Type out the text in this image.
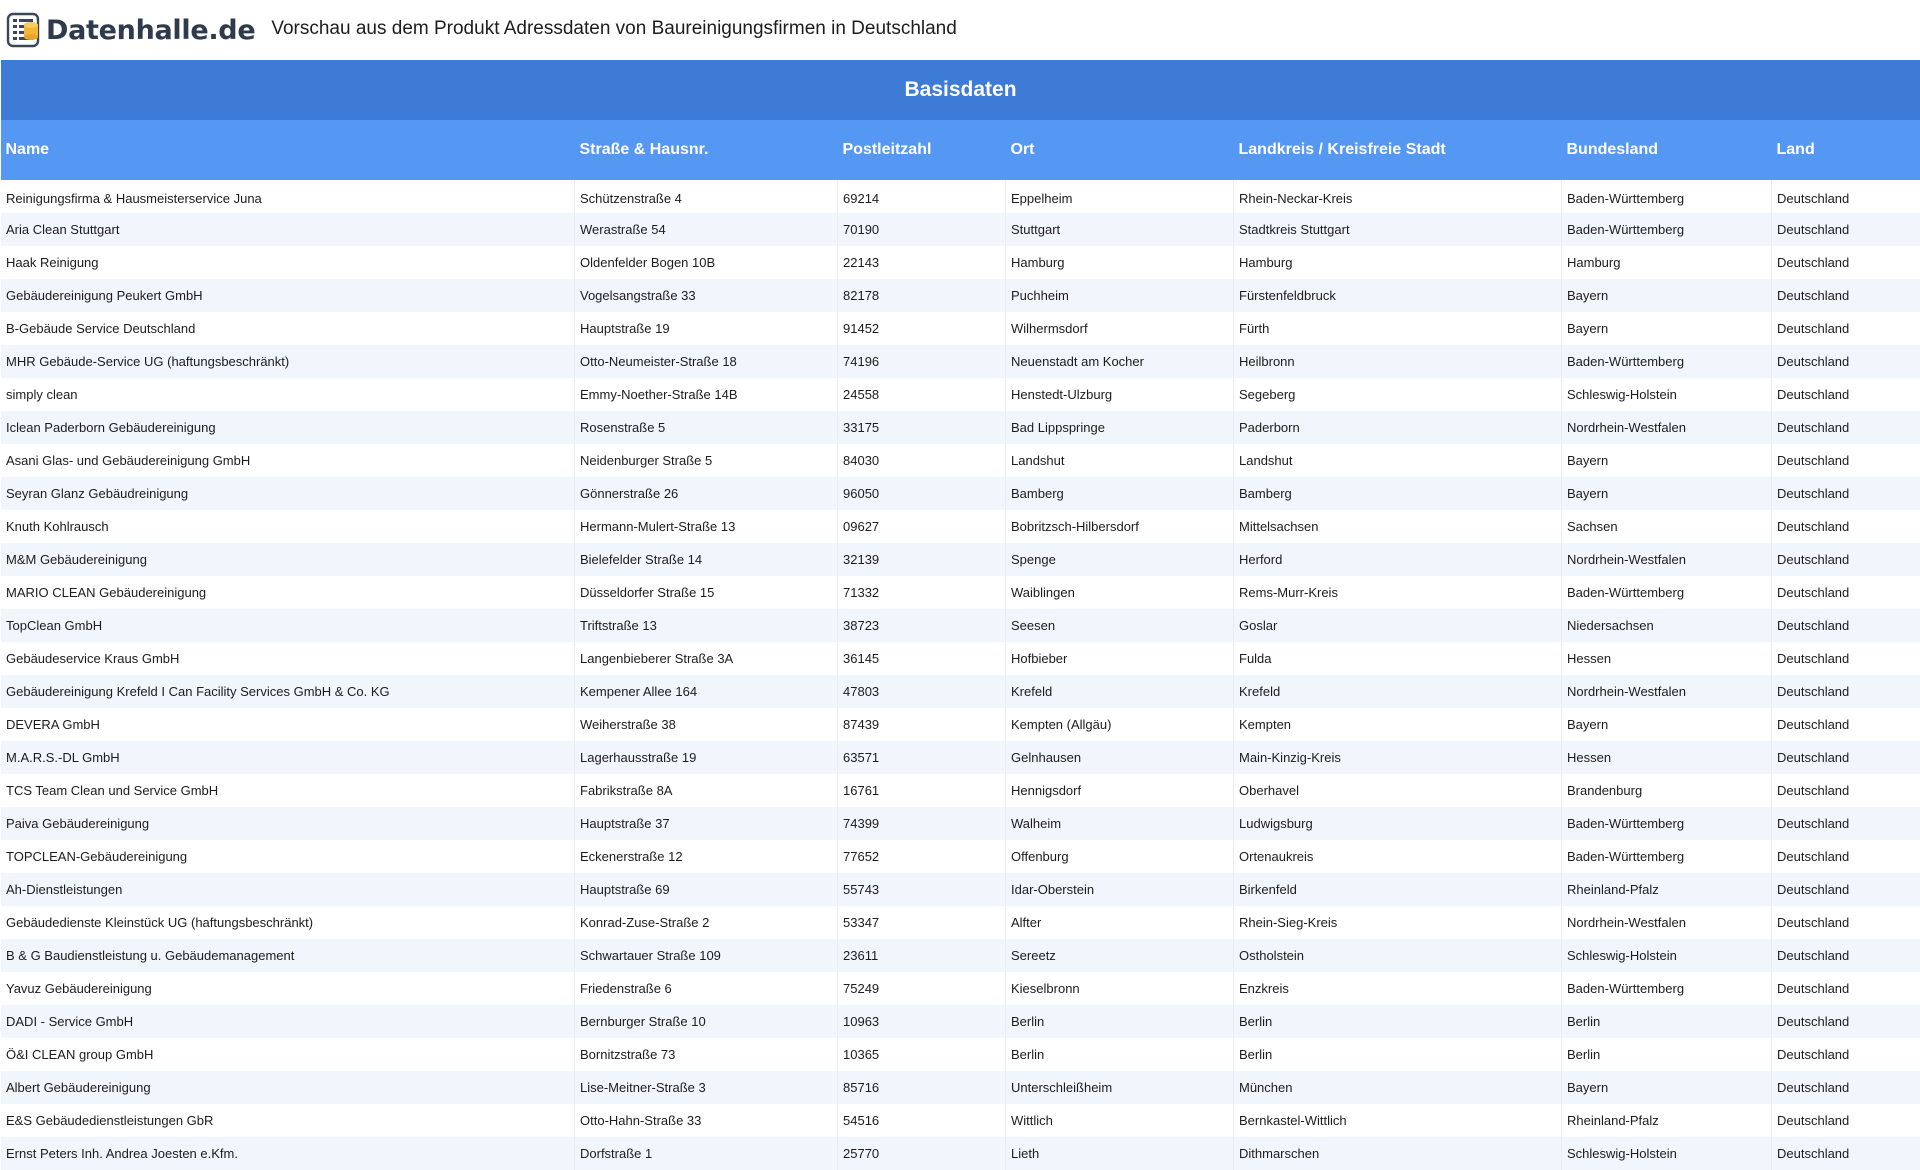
Datenhalle.de Vorschau aus dem Produkt Adressdaten von Baureinigungsfirmen in Deutschland
Basisdaten						
Name	Straße & Hausnr.	Postleitzahl	Ort	Landkreis / Kreisfreie Stadt	Bundesland	Land
Reinigungsfirma & Hausmeisterservice Juna	Schützenstraße 4	69214	Eppelheim	Rhein-Neckar-Kreis	Baden-Württemberg	Deutschland
Aria Clean Stuttgart	Werastraße 54	70190	Stuttgart	Stadtkreis Stuttgart	Baden-Württemberg	Deutschland
Haak Reinigung	Oldenfelder Bogen 10B	22143	Hamburg	Hamburg	Hamburg	Deutschland
Gebäudereinigung Peukert GmbH	Vogelsangstraße 33	82178	Puchheim	Fürstenfeldbruck	Bayern	Deutschland
B-Gebäude Service Deutschland	Hauptstraße 19	91452	Wilhermsdorf	Fürth	Bayern	Deutschland
MHR Gebäude-Service UG (haftungsbeschränkt)	Otto-Neumeister-Straße 18	74196	Neuenstadt am Kocher	Heilbronn	Baden-Württemberg	Deutschland
simply clean	Emmy-Noether-Straße 14B	24558	Henstedt-Ulzburg	Segeberg	Schleswig-Holstein	Deutschland
Iclean Paderborn Gebäudereinigung	Rosenstraße 5	33175	Bad Lippspringe	Paderborn	Nordrhein-Westfalen	Deutschland
Asani Glas- und Gebäudereinigung GmbH	Neidenburger Straße 5	84030	Landshut	Landshut	Bayern	Deutschland
Seyran Glanz Gebäudreinigung	Gönnerstraße 26	96050	Bamberg	Bamberg	Bayern	Deutschland
Knuth Kohlrausch	Hermann-Mulert-Straße 13	09627	Bobritzsch-Hilbersdorf	Mittelsachsen	Sachsen	Deutschland
M&M Gebäudereinigung	Bielefelder Straße 14	32139	Spenge	Herford	Nordrhein-Westfalen	Deutschland
MARIO CLEAN Gebäudereinigung	Düsseldorfer Straße 15	71332	Waiblingen	Rems-Murr-Kreis	Baden-Württemberg	Deutschland
TopClean GmbH	Triftstraße 13	38723	Seesen	Goslar	Niedersachsen	Deutschland
Gebäudeservice Kraus GmbH	Langenbieberer Straße 3A	36145	Hofbieber	Fulda	Hessen	Deutschland
Gebäudereinigung Krefeld I Can Facility Services GmbH & Co. KG	Kempener Allee 164	47803	Krefeld	Krefeld	Nordrhein-Westfalen	Deutschland
DEVERA GmbH	Weiherstraße 38	87439	Kempten (Allgäu)	Kempten	Bayern	Deutschland
M.A.R.S.-DL GmbH	Lagerhausstraße 19	63571	Gelnhausen	Main-Kinzig-Kreis	Hessen	Deutschland
TCS Team Clean und Service GmbH	Fabrikstraße 8A	16761	Hennigsdorf	Oberhavel	Brandenburg	Deutschland
Paiva Gebäudereinigung	Hauptstraße 37	74399	Walheim	Ludwigsburg	Baden-Württemberg	Deutschland
TOPCLEAN-Gebäudereinigung	Eckenerstraße 12	77652	Offenburg	Ortenaukreis	Baden-Württemberg	Deutschland
Ah-Dienstleistungen	Hauptstraße 69	55743	Idar-Oberstein	Birkenfeld	Rheinland-Pfalz	Deutschland
Gebäudedienste Kleinstück UG (haftungsbeschränkt)	Konrad-Zuse-Straße 2	53347	Alfter	Rhein-Sieg-Kreis	Nordrhein-Westfalen	Deutschland
B & G Baudienstleistung u. Gebäudemanagement	Schwartauer Straße 109	23611	Sereetz	Ostholstein	Schleswig-Holstein	Deutschland
Yavuz Gebäudereinigung	Friedenstraße 6	75249	Kieselbronn	Enzkreis	Baden-Württemberg	Deutschland
DADI - Service GmbH	Bernburger Straße 10	10963	Berlin	Berlin	Berlin	Deutschland
Ö&I CLEAN group GmbH	Bornitzstraße 73	10365	Berlin	Berlin	Berlin	Deutschland
Albert Gebäudereinigung	Lise-Meitner-Straße 3	85716	Unterschleißheim	München	Bayern	Deutschland
E&S Gebäudedienstleistungen GbR	Otto-Hahn-Straße 33	54516	Wittlich	Bernkastel-Wittlich	Rheinland-Pfalz	Deutschland
Ernst Peters Inh. Andrea Joesten e.Kfm.	Dorfstraße 1	25770	Lieth	Dithmarschen	Schleswig-Holstein	Deutschland
